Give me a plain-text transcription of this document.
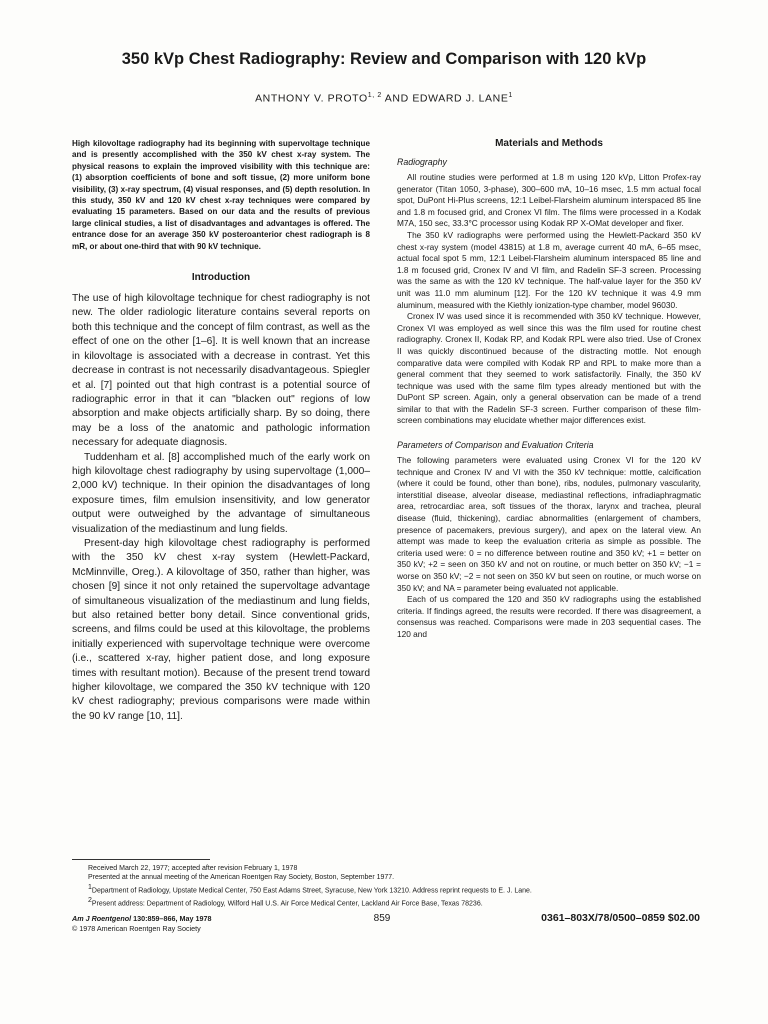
350 kVp Chest Radiography: Review and Comparison with 120 kVp
ANTHONY V. PROTO$^{1, 2}$ AND EDWARD J. LANE$^1$

High kilovoltage radiography had its beginning with supervoltage technique and is presently accomplished with the 350 kV chest x-ray system. The physical reasons to explain the improved visibility with this technique are: (1) absorption coefficients of bone and soft tissue, (2) more uniform bone visibility, (3) x-ray spectrum, (4) visual responses, and (5) depth resolution. In this study, 350 kV and 120 kV chest x-ray techniques were compared by evaluating 15 parameters. Based on our data and the results of previous large clinical studies, a list of disadvantages and advantages is offered. The entrance dose for an average 350 kV posteroanterior chest radiograph is 8 mR, or about one-third that with 90 kV technique.

Introduction

The use of high kilovoltage technique for chest radiography is not new. The older radiologic literature contains several reports on both this technique and the concept of film contrast, as well as the effect of one on the other [1–6]. It is well known that an increase in kilovoltage is associated with a decrease in contrast. Yet this decrease in contrast is not necessarily disadvantageous. Spiegler et al. [7] pointed out that high contrast is a potential source of radiographic error in that it can "blacken out" regions of low absorption and make objects artificially sharp. By so doing, there may be a loss of the anatomic and pathologic information necessary for adequate diagnosis.

Tuddenham et al. [8] accomplished much of the early work on high kilovoltage chest radiography by using supervoltage (1,000–2,000 kV) technique. In their opinion the disadvantages of long exposure times, film emulsion insensitivity, and low generator output were outweighed by the advantage of simultaneous visualization of the mediastinum and lung fields.

Present-day high kilovoltage chest radiography is performed with the 350 kV chest x-ray system (Hewlett-Packard, McMinnville, Oreg.). A kilovoltage of 350, rather than higher, was chosen [9] since it not only retained the supervoltage advantage of simultaneous visualization of the mediastinum and lung fields, but also retained better bony detail. Since conventional grids, screens, and films could be used at this kilovoltage, the problems initially experienced with supervoltage technique were overcome (i.e., scattered x-ray, higher patient dose, and long exposure times with resultant motion). Because of the present trend toward higher kilovoltage, we compared the 350 kV technique with 120 kV chest radiography; previous comparisons were made within the 90 kV range [10, 11].

Materials and Methods

Radiography

All routine studies were performed at 1.8 m using 120 kVp, Litton Profex-ray generator (Titan 1050, 3-phase), 300–600 mA, 10–16 msec, 1.5 mm actual focal spot, DuPont Hi-Plus screens, 12:1 Leibel-Flarsheim aluminum interspaced 85 line and 1.8 m focused grid, and Cronex VI film. The films were processed in a Kodak M7A, 150 sec, 33.3°C processor using Kodak RP X-OMat developer and fixer.

The 350 kV radiographs were performed using the Hewlett-Packard 350 kV chest x-ray system (model 43815) at 1.8 m, average current 40 mA, 6–65 msec, actual focal spot 5 mm, 12:1 Leibel-Flarsheim aluminum interspaced 85 line and 1.8 m focused grid, Cronex IV and VI film, and Radelin SF-3 screen. Processing was the same as with the 120 kV technique. The half-value layer for the 350 kV unit was 11.0 mm aluminum [12]. For the 120 kV technique it was 4.9 mm aluminum, measured with the Kiethly ionization-type chamber, model 96030.

Cronex IV was used since it is recommended with 350 kV technique. However, Cronex VI was employed as well since this was the film used for routine chest radiography. Cronex II, Kodak RP, and Kodak RPL were also tried. Use of Cronex II was quickly discontinued because of the distracting mottle. Not enough comparative data were compiled with Kodak RP and RPL to make more than a general comment that they seemed to work satisfactorily. Finally, the 350 kV technique was used with the same film types already mentioned but with the DuPont SP screen. Again, only a general observation can be made of a trend similar to that with the Radelin SF-3 screen. Further comparison of these film-screen combinations may elucidate whether major differences exist.

Parameters of Comparison and Evaluation Criteria

The following parameters were evaluated using Cronex VI for the 120 kV technique and Cronex IV and VI with the 350 kV technique: mottle, calcification (where it could be found, other than bone), ribs, nodules, pulmonary vascularity, interstitial disease, alveolar disease, mediastinal reflections, infradiaphragmatic area, retrocardiac area, soft tissues of the thorax, larynx and trachea, pleural disease (fluid, thickening), cardiac abnormalities (enlargement of chambers, presence of pacemakers, previous surgery), and apex on the lateral view. An attempt was made to keep the evaluation criteria as simple as possible. The criteria used were: 0 = no difference between routine and 350 kV; +1 = better on 350 kV; +2 = seen on 350 kV and not on routine, or much better on 350 kV; −1 = worse on 350 kV; −2 = not seen on 350 kV but seen on routine, or much worse on 350 kV; and NA = parameter being evaluated not applicable.

Each of us compared the 120 and 350 kV radiographs using the established criteria. If findings agreed, the results were recorded. If there was disagreement, a consensus was reached. Comparisons were made in 203 sequential cases. The 120 and

Received March 22, 1977; accepted after revision February 1, 1978

Presented at the annual meeting of the American Roentgen Ray Society, Boston, September 1977.

$^1$Department of Radiology, Upstate Medical Center, 750 East Adams Street, Syracuse, New York 13210. Address reprint requests to E. J. Lane.

$^2$Present address: Department of Radiology, Wilford Hall U.S. Air Force Medical Center, Lackland Air Force Base, Texas 78236.

Am J Roentgenol 130:859–866, May 1978
© 1978 American Roentgen Ray Society
859	0361–803X/78/0500–0859 $02.00
